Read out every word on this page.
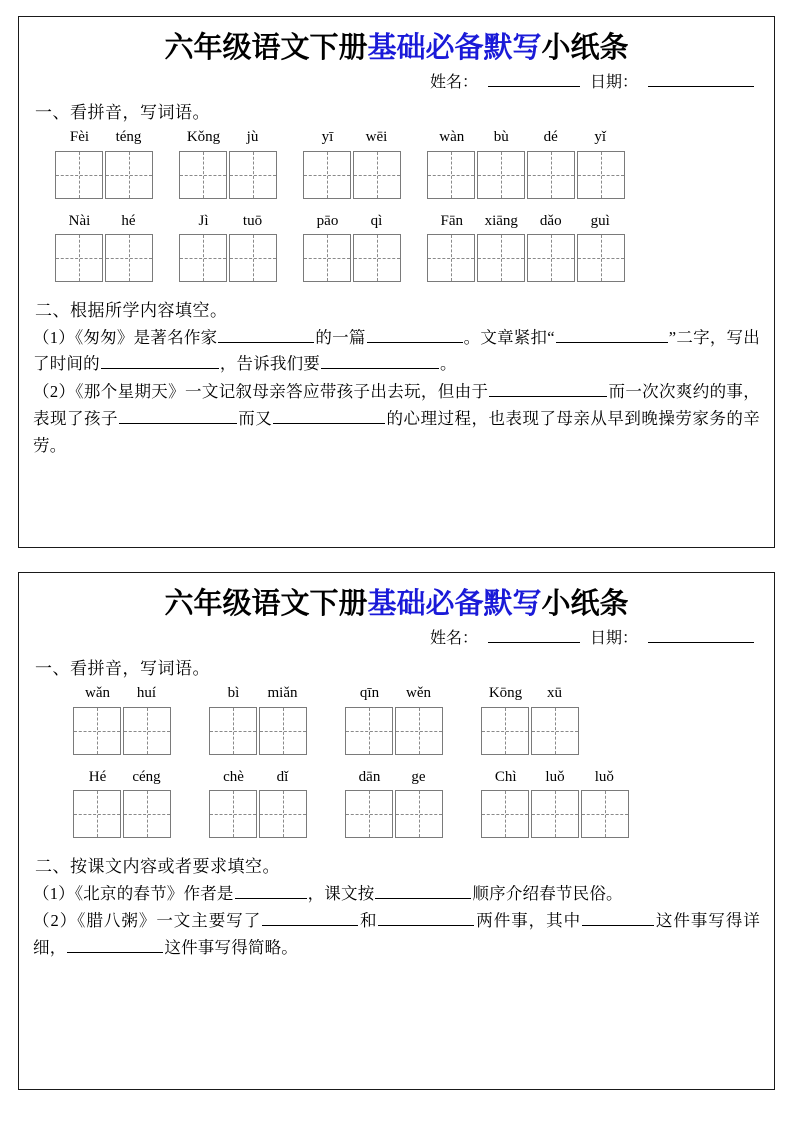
六年级语文下册基础必备默写小纸条
姓名：	日期：
一、看拼音，写词语。
Fèi	téng	Kǒng	jù	yī	wēi	wàn	bù	dé	yǐ
Nài	hé	Jì	tuō	pāo	qì	Fān	xiāng	dǎo	guì
二、根据所学内容填空。

（1）《匆匆》是著名作家	的一篇	。文章紧扣“	”二字，写出了时间的	，告诉我们要	。

（2）《那个星期天》一文记叙母亲答应带孩子出去玩，但由于	而一次次爽约的事，表现了孩子	而又	的心理过程，也表现了母亲从早到晚操劳家务的辛劳。

六年级语文下册基础必备默写小纸条
姓名：	日期：
一、看拼音，写词语。
wǎn	huí	bì	miǎn	qīn	wěn	Kōng	xū
Hé	céng	chè	dǐ	dān	ge	Chì	luǒ	luǒ
二、按课文内容或者要求填空。

（1）《北京的春节》作者是	，课文按	顺序介绍春节民俗。

（2）《腊八粥》一文主要写了	和	两件事，其中	这件事写得详细，	这件事写得简略。
